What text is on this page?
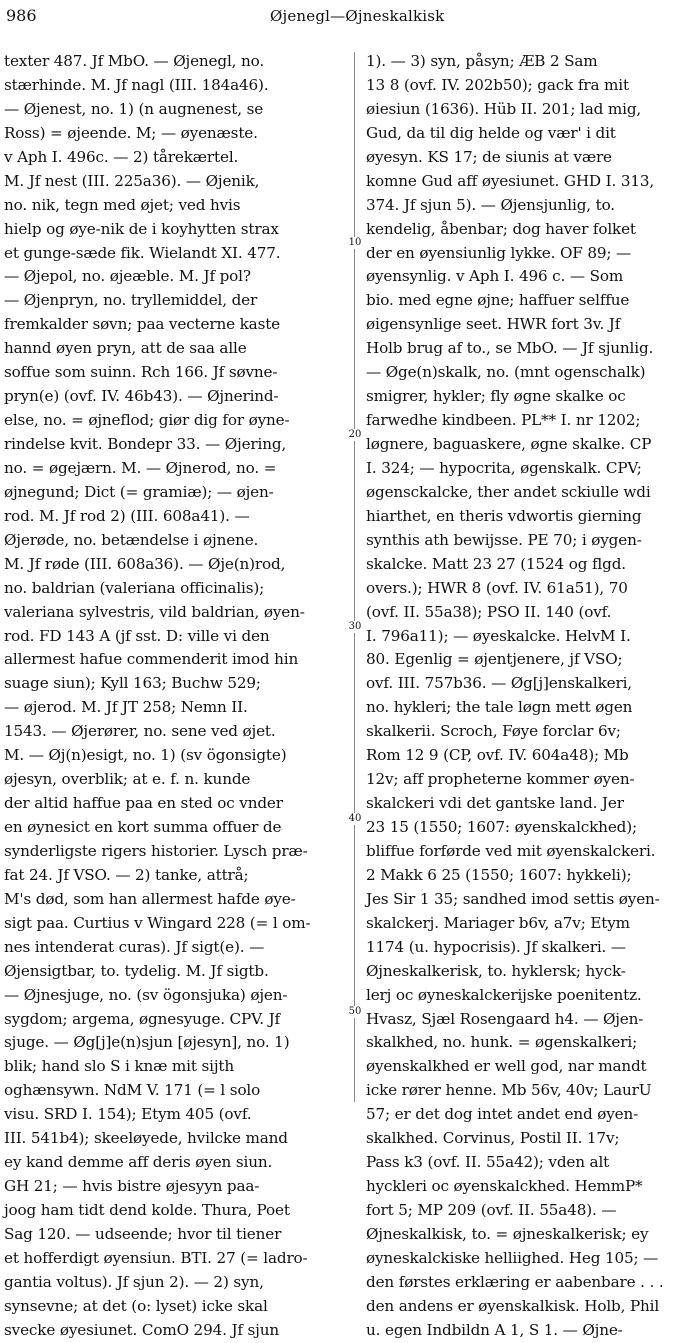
986	Øjenegl—Øjneskalkisk
texter 487. Jf MbO. — Øjenegl, no.
stærhinde. M. Jf nagl (III. 184a46).
— Øjenest, no. 1) (n augnenest, se
Ross) = øjeende. M; — øyenæste.
v Aph I. 496c. — 2) tårekærtel.
M. Jf nest (III. 225a36). — Øjenik,
no. nik, tegn med øjet; ved hvis
hielp og øye-nik de i koyhytten strax
et gunge-sæde fik. Wielandt XI. 477.
— Øjepol, no. øjeæble. M. Jf pol?
— Øjenpryn, no. tryllemiddel, der
fremkalder søvn; paa vecterne kaste
hannd øyen pryn, att de saa alle
soffue som suinn. Rch 166. Jf søvne-
pryn(e) (ovf. IV. 46b43). — Øjnerind-
else, no. = øjneflod; giør dig for øyne-
rindelse kvit. Bondepr 33. — Øjering,
no. = øgejærn. M. — Øjnerod, no. =
øjnegund; Dict (= gramiæ); — øjen-
rod. M. Jf rod 2) (III. 608a41). —
Øjerøde, no. betændelse i øjnene.
M. Jf røde (III. 608a36). — Øje(n)rod,
no. baldrian (valeriana officinalis);
valeriana sylvestris, vild baldrian, øyen-
rod. FD 143 A (jf sst. D: ville vi den
allermest hafue commenderit imod hin
suage siun); Kyll 163; Buchw 529;
— øjerod. M. Jf JT 258; Nemn II.
1543. — Øjerører, no. sene ved øjet.
M. — Øj(n)esigt, no. 1) (sv ögonsigte)
øjesyn, overblik; at e. f. n. kunde
der altid haffue paa en sted oc vnder
en øynesict en kort summa offuer de
synderligste rigers historier. Lysch præ-
fat 24. Jf VSO. — 2) tanke, attrå;
M's død, som han allermest hafde øye-
sigt paa. Curtius v Wingard 228 (= l om-
nes intenderat curas). Jf sigt(e). —
Øjensigtbar, to. tydelig. M. Jf sigtb.
— Øjnesjuge, no. (sv ögonsjuka) øjen-
sygdom; argema, øgnesyuge. CPV. Jf
sjuge. — Øg[j]e(n)sjun [øjesyn], no. 1)
blik; hand slo S i knæ mit sijth
oghænsywn. NdM V. 171 (= l solo
visu. SRD I. 154); Etym 405 (ovf.
III. 541b4); skeeløyede, hvilcke mand
ey kand demme aff deris øyen siun.
GH 21; — hvis bistre øjesyyn paa-
joog ham tidt dend kolde. Thura, Poet
Sag 120. — udseende; hvor til tiener
et hofferdigt øyensiun. BTI. 27 (= ladro-
gantia voltus). Jf sjun 2). — 2) syn,
synsevne; at det (o: lyset) icke skal
svecke øyesiunet. ComO 294. Jf sjun
1). — 3) syn, påsyn; ÆB 2 Sam
13 8 (ovf. IV. 202b50); gack fra mit
øiesiun (1636). Hüb II. 201; lad mig,
Gud, da til dig helde og vær' i dit
øyesyn. KS 17; de siunis at være
komne Gud aff øyesiunet. GHD I. 313,
374. Jf sjun 5). — Øjensjunlig, to.
kendelig, åbenbar; dog haver folket
der en øyensiunlig lykke. OF 89; —
øyensynlig. v Aph I. 496 c. — Som
bio. med egne øjne; haffuer selffue
øigensynlige seet. HWR fort 3v. Jf
Holb brug af to., se MbO. — Jf sjunlig.
— Øge(n)skalk, no. (mnt ogenschalk)
smigrer, hykler; fly øgne skalke oc
farwedhe kindbeen. PL** I. nr 1202;
løgnere, baguaskere, øgne skalke. CP
I. 324; — hypocrita, øgenskalk. CPV;
øgensckalcke, ther andet sckiulle wdi
hiarthet, en theris vdwortis gierning
synthis ath bewijsse. PE 70; i øygen-
skalcke. Matt 23 27 (1524 og flgd.
overs.); HWR 8 (ovf. IV. 61a51), 70
(ovf. II. 55a38); PSO II. 140 (ovf.
I. 796a11); — øyeskalcke. HelvM I.
80. Egenlig = øjentjenere, jf VSO;
ovf. III. 757b36. — Øg[j]enskalkeri,
no. hykleri; the tale løgn mett øgen
skalkerii. Scroch, Føye forclar 6v;
Rom 12 9 (CP, ovf. IV. 604a48); Mb
12v; aff propheterne kommer øyen-
skalckeri vdi det gantske land. Jer
23 15 (1550; 1607: øyenskalckhed);
bliffue forførde ved mit øyenskalckeri.
2 Makk 6 25 (1550; 1607: hykkeli);
Jes Sir 1 35; sandhed imod settis øyen-
skalckerj. Mariager b6v, a7v; Etym
1174 (u. hypocrisis). Jf skalkeri. —
Øjneskalkerisk, to. hyklersk; hyck-
lerj oc øyneskalckerijske poenitentz.
Hvasz, Sjæl Rosengaard h4. — Øjen-
skalkhed, no. hunk. = øgenskalkeri;
øyenskalkhed er well god, nar mandt
icke rører henne. Mb 56v, 40v; LaurU
57; er det dog intet andet end øyen-
skalkhed. Corvinus, Postil II. 17v;
Pass k3 (ovf. II. 55a42); vden alt
hyckleri oc øyenskalckhed. HemmP*
fort 5; MP 209 (ovf. II. 55a48). —
Øjneskalkisk, to. = øjneskalkerisk; ey
øyneskalckiske helliighed. Heg 105; —
den førstes erklæring er aabenbare . . .
den andens er øyenskalkisk. Holb, Phil
u. egen Indbildn A 1, S 1. — Øjne-
10
20
30
40
50
